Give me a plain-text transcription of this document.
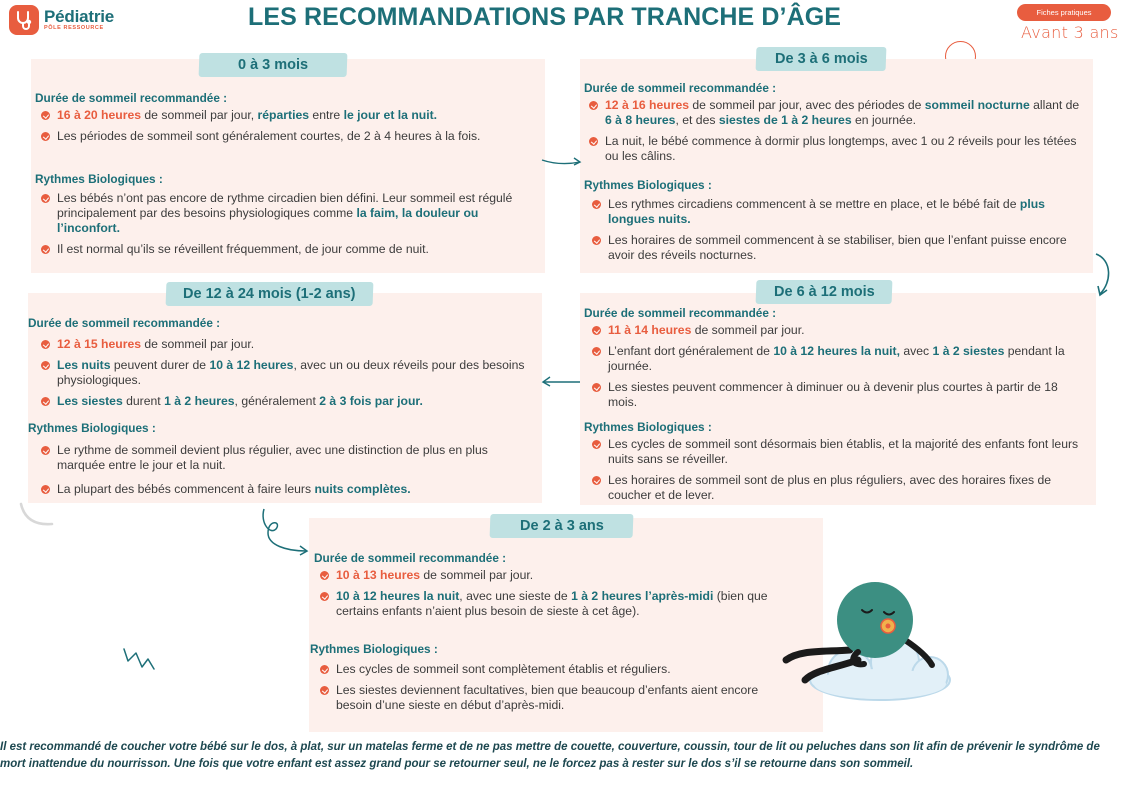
Pédiatrie
PÔLE RESSOURCE	LES RECOMMANDATIONS PAR TRANCHE D’ÂGE	Fiches pratiques
Avant 3 ans
0 à 3 mois
Durée de sommeil recommandée :
16 à 20 heures de sommeil par jour, réparties entre le jour et la nuit.
Les périodes de sommeil sont généralement courtes, de 2 à 4 heures à la fois.
Rythmes Biologiques :
Les bébés n’ont pas encore de rythme circadien bien défini. Leur sommeil est régulé principalement par des besoins physiologiques comme la faim, la douleur ou l’inconfort.
Il est normal qu’ils se réveillent fréquemment, de jour comme de nuit.
De 3 à 6 mois
Durée de sommeil recommandée :
12 à 16 heures de sommeil par jour, avec des périodes de sommeil nocturne allant de 6 à 8 heures, et des siestes de 1 à 2 heures en journée.
La nuit, le bébé commence à dormir plus longtemps, avec 1 ou 2 réveils pour les tétées ou les câlins.
Rythmes Biologiques :
Les rythmes circadiens commencent à se mettre en place, et le bébé fait de plus longues nuits.
Les horaires de sommeil commencent à se stabiliser, bien que l’enfant puisse encore avoir des réveils nocturnes.
De 12 à 24 mois (1-2 ans)
Durée de sommeil recommandée :
12 à 15 heures de sommeil par jour.
Les nuits peuvent durer de 10 à 12 heures, avec un ou deux réveils pour des besoins physiologiques.
Les siestes durent 1 à 2 heures, généralement 2 à 3 fois par jour.
Rythmes Biologiques :
Le rythme de sommeil devient plus régulier, avec une distinction de plus en plus marquée entre le jour et la nuit.
La plupart des bébés commencent à faire leurs nuits complètes.
De 6 à 12 mois
Durée de sommeil recommandée :
11 à 14 heures de sommeil par jour.
L’enfant dort généralement de 10 à 12 heures la nuit, avec 1 à 2 siestes pendant la journée.
Les siestes peuvent commencer à diminuer ou à devenir plus courtes à partir de 18 mois.
Rythmes Biologiques :
Les cycles de sommeil sont désormais bien établis, et la majorité des enfants font leurs nuits sans se réveiller.
Les horaires de sommeil sont de plus en plus réguliers, avec des horaires fixes de coucher et de lever.
De 2 à 3 ans
Durée de sommeil recommandée :
10 à 13 heures de sommeil par jour.
10 à 12 heures la nuit, avec une sieste de 1 à 2 heures l’après-midi (bien que certains enfants n’aient plus besoin de sieste à cet âge).
Rythmes Biologiques :
Les cycles de sommeil sont complètement établis et réguliers.
Les siestes deviennent facultatives, bien que beaucoup d’enfants aient encore besoin d’une sieste en début d’après-midi.
Il est recommandé de coucher votre bébé sur le dos, à plat, sur un matelas ferme et de ne pas mettre de couette, couverture, coussin, tour de lit ou peluches dans son lit afin de prévenir le syndrôme de mort inattendue du nourrisson. Une fois que votre enfant est assez grand pour se retourner seul, ne le forcez pas à rester sur le dos s’il se retourne dans son sommeil.
